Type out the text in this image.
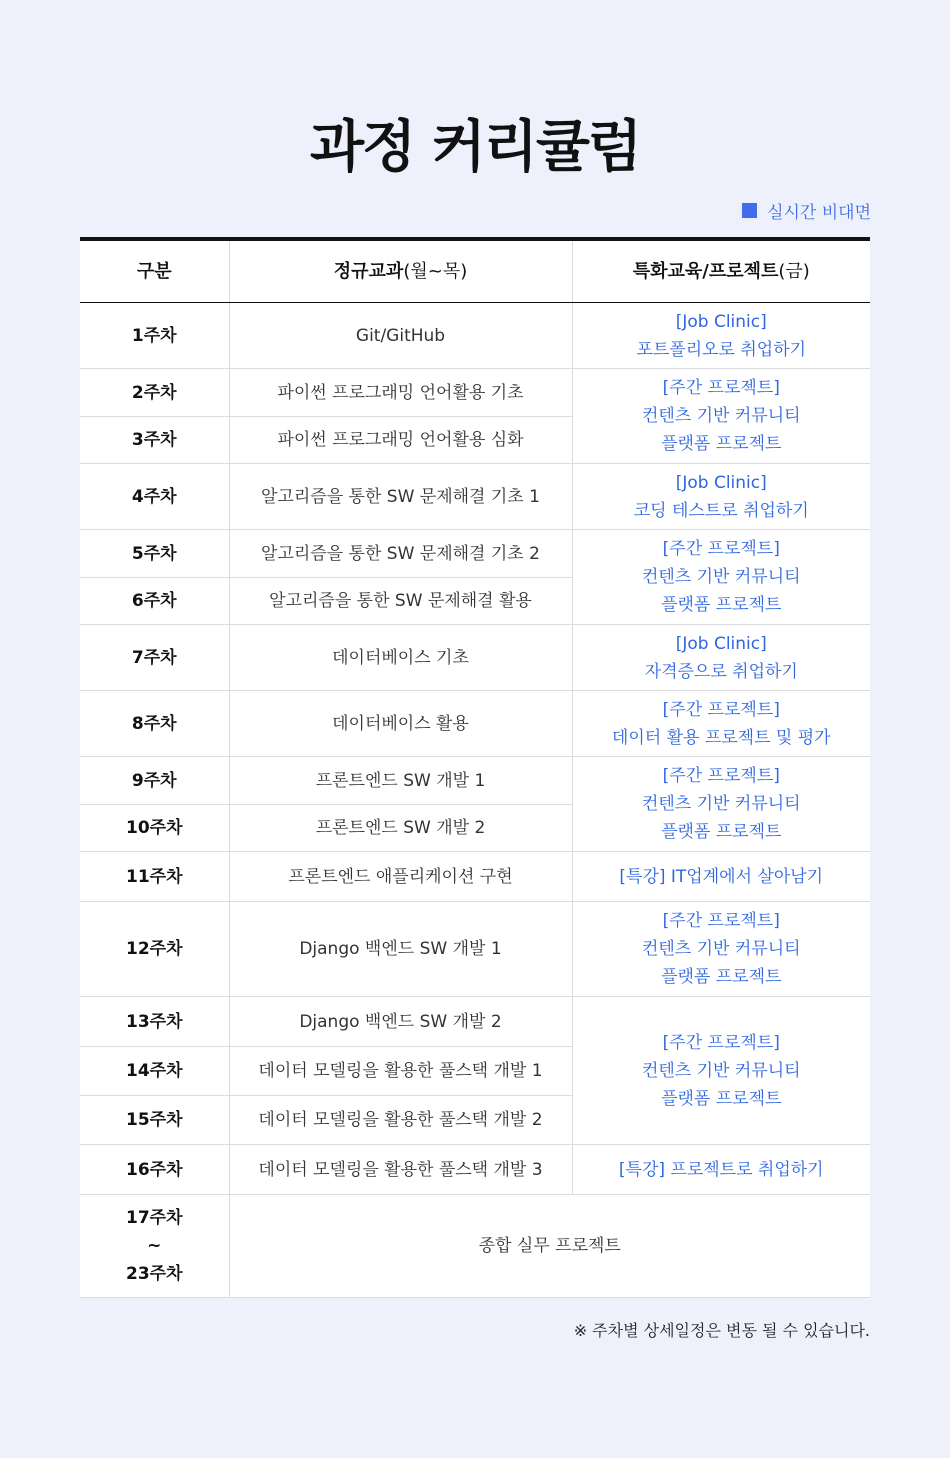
과정 커리큘럼
실시간 비대면
구분	정규교과(월~목)	특화교육/프로젝트(금)
1주차	Git/GitHub	[Job Clinic]
포트폴리오로 취업하기

2주차	파이썬 프로그래밍 언어활용 기초	[주간 프로젝트]
컨텐츠 기반 커뮤니티
플랫폼 프로젝트

3주차	파이썬 프로그래밍 언어활용 심화	
4주차	알고리즘을 통한 SW 문제해결 기초 1	[Job Clinic]
코딩 테스트로 취업하기

5주차	알고리즘을 통한 SW 문제해결 기초 2	[주간 프로젝트]
컨텐츠 기반 커뮤니티
플랫폼 프로젝트

6주차	알고리즘을 통한 SW 문제해결 활용	
7주차	데이터베이스 기초	[Job Clinic]
자격증으로 취업하기

8주차	데이터베이스 활용	[주간 프로젝트]
데이터 활용 프로젝트 및 평가

9주차	프론트엔드 SW 개발 1	[주간 프로젝트]
컨텐츠 기반 커뮤니티
플랫폼 프로젝트

10주차	프론트엔드 SW 개발 2	
11주차	프론트엔드 애플리케이션 구현	[특강] IT업계에서 살아남기

12주차	Django 백엔드 SW 개발 1	[주간 프로젝트]
컨텐츠 기반 커뮤니티
플랫폼 프로젝트

13주차	Django 백엔드 SW 개발 2	[주간 프로젝트]
컨텐츠 기반 커뮤니티
플랫폼 프로젝트

14주차	데이터 모델링을 활용한 풀스택 개발 1	
15주차	데이터 모델링을 활용한 풀스택 개발 2	
16주차	데이터 모델링을 활용한 풀스택 개발 3	[특강] 프로젝트로 취업하기

17주차
~
23주차	종합 실무 프로젝트	
※ 주차별 상세일정은 변동 될 수 있습니다.
